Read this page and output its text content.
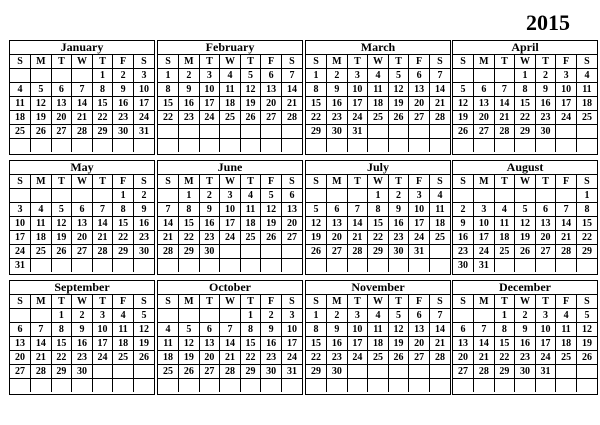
2015
January
S	M	T	W	T	F	S
				1	2	3
4	5	6	7	8	9	10
11	12	13	14	15	16	17
18	19	20	21	22	23	24
25	26	27	28	29	30	31

February
S	M	T	W	T	F	S
1	2	3	4	5	6	7
8	9	10	11	12	13	14
15	16	17	18	19	20	21
22	23	24	25	26	27	28

March
S	M	T	W	T	F	S
1	2	3	4	5	6	7
8	9	10	11	12	13	14
15	16	17	18	19	20	21
22	23	24	25	26	27	28
29	30	31				

April
S	M	T	W	T	F	S
			1	2	3	4
5	6	7	8	9	10	11
12	13	14	15	16	17	18
19	20	21	22	23	24	25
26	27	28	29	30		

May
S	M	T	W	T	F	S
					1	2
3	4	5	6	7	8	9
10	11	12	13	14	15	16
17	18	19	20	21	22	23
24	25	26	27	28	29	30
31						
June
S	M	T	W	T	F	S
	1	2	3	4	5	6
7	8	9	10	11	12	13
14	15	16	17	18	19	20
21	22	23	24	25	26	27
28	29	30				

July
S	M	T	W	T	F	S
			1	2	3	4
5	6	7	8	9	10	11
12	13	14	15	16	17	18
19	20	21	22	23	24	25
26	27	28	29	30	31	

August
S	M	T	W	T	F	S
						1
2	3	4	5	6	7	8
9	10	11	12	13	14	15
16	17	18	19	20	21	22
23	24	25	26	27	28	29
30	31					
September
S	M	T	W	T	F	S
		1	2	3	4	5
6	7	8	9	10	11	12
13	14	15	16	17	18	19
20	21	22	23	24	25	26
27	28	29	30			

October
S	M	T	W	T	F	S
				1	2	3
4	5	6	7	8	9	10
11	12	13	14	15	16	17
18	19	20	21	22	23	24
25	26	27	28	29	30	31

November
S	M	T	W	T	F	S
1	2	3	4	5	6	7
8	9	10	11	12	13	14
15	16	17	18	19	20	21
22	23	24	25	26	27	28
29	30					

December
S	M	T	W	T	F	S
		1	2	3	4	5
6	7	8	9	10	11	12
13	14	15	16	17	18	19
20	21	22	23	24	25	26
27	28	29	30	31		
